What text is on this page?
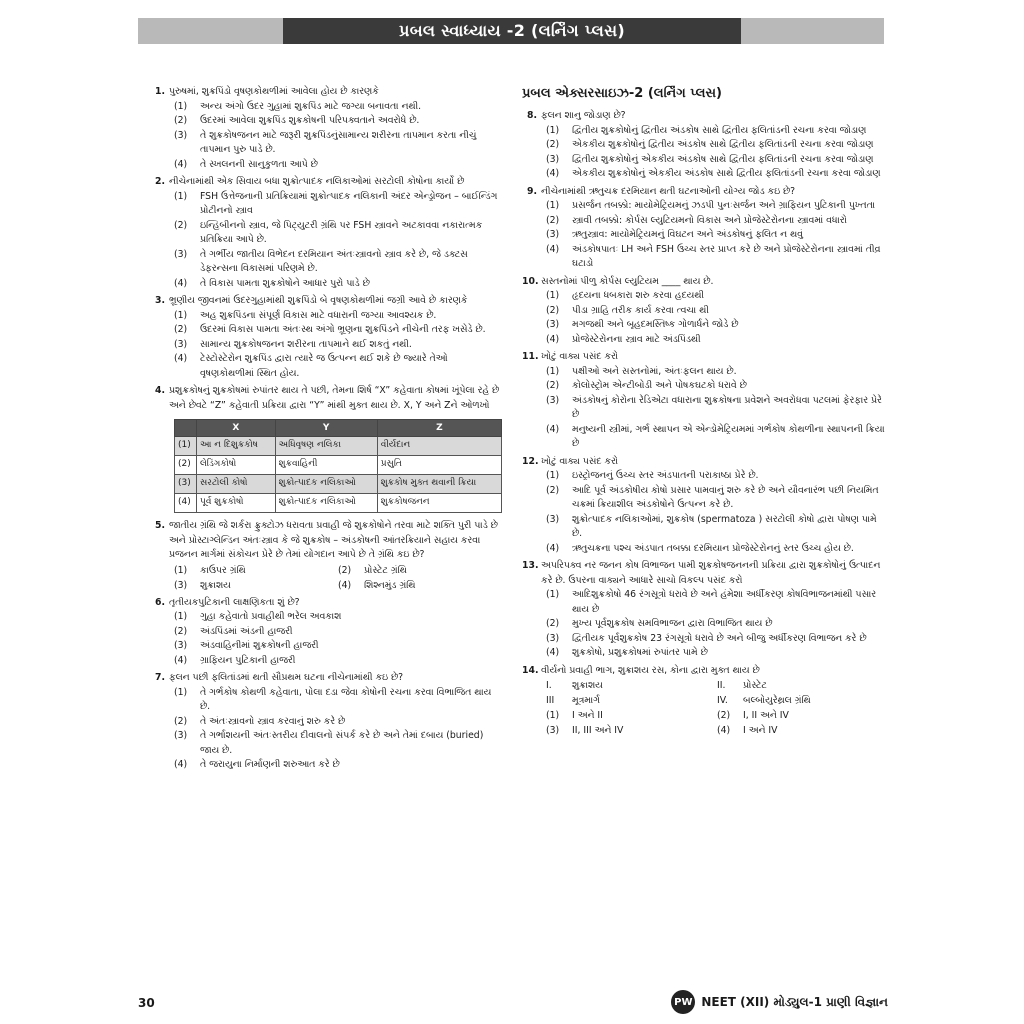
પ્રબલ સ્વાધ્યાય -2 (લર્નિંગ પ્લસ)
1. પુરુષમાં, શુક્રપિંડો વૃષણકોથળીમાં આવેલા હોય છે કારણકે
(1)	અન્ય અંગો ઉદર ગુહામાં શુક્રપિંડ માટે જગ્યા બનાવતા નથી.
(2)	ઉદરમાં આવેલા શુક્રપિંડ શુક્રકોષની પરિપક્વતાને અવરોધે છે.
(3)	તે શુક્રકોષજનન માટે જરૂરી શુક્રપિંડનુંસામાન્ય શરીરના તાપમાન કરતા નીચું તાપમાન પુરુ પાડે છે.
(4)	તે સ્ખલનની સાનુકુળતા આપે છે
2. નીચેનામાંથી એક સિવાય બધા શુક્રોત્પાદક નલિકાઓમાં સરટોલી કોષોના કાર્યો છે
(1)	FSH ઉત્તેજનાની પ્રતિક્રિયામાં શુક્રોત્પાદક નલિકાની અંદર એન્ડ્રોજન – બાઈન્ડિંગ પ્રોટીનનો સ્ત્રાવ
(2)	ઇન્હિબીનનો સ્ત્રાવ, જે પિટ્યુટરી ગ્રંથિ પર FSH સ્ત્રાવને અટકાવવા નકારાત્મક પ્રતિક્રિયા આપે છે.
(3)	તે ગર્ભીય જાતીય વિભેદન દરમિયાન અંતઃસ્ત્રાવનો સ્ત્રાવ કરે છે, જે ડક્ટસ ડેફરન્સના વિકાસમાં પરિણમે છે.
(4)	તે વિકાસ પામતા શુક્રકોષોને આધાર પુરો પાડે છે
3. ભ્રૂણીય જીવનમાં ઉદરગુહામાંથી શુક્રપિંડો બે વૃષણકોથળીમાં જગ્રી આવે છે કારણકે
(1)	અહ શુક્રપિંડના સંપૂર્ણ વિકાસ માટે વધારાની જગ્યા આવશ્યક છે.
(2)	ઉદરમાં વિકાસ પામતા અંતઃસ્થ અંગો ભ્રૂણના શુક્રપિંડને નીચેની તરફ ખસેડે છે.
(3)	સામાન્ય શુક્રકોષજનન શરીરના તાપમાને થઈ શકતું નથી.
(4)	ટેસ્ટોસ્ટેરોન શુક્રપિંડ દ્વારા ત્યારે જ ઉત્પન્ન થઈ શકે છે જ્યારે તેઓ વૃષણકોથળીમાં સ્થિત હોય.
4. પ્રશુક્રકોષનું શુક્રકોષમાં રુપાંતર થાય તે પછી, તેમના શિર્ષ “X” કહેવાતા કોષમાં ખૂંપેલા રહે છે અને છેવટે “Z” કહેવાતી પ્રક્રિયા દ્વારા “Y” માંથી મુક્ત થાય છે. X, Y અને Zને ઓળખો
	X	Y	Z
(1)	આ ન દિશુક્રકોષ	અધિવૃષણ નલિકા	વીર્યદાન
(2)	લેડિંગકોષો	શુક્રવાહિની	પ્રસુતિ
(3)	સરટોલી કોષો	શુક્રોત્પાદક નલિકાઓ	શુક્રકોષ મુક્ત થવાની ક્રિયા
(4)	પૂર્વ શુક્રકોષો	શુક્રોત્પાદક નલિકાઓ	શુક્રકોષજનન
5. જાતીય ગ્રંથિ જે શર્કરા ફ્રુક્ટોઝ ધરાવતા પ્રવાહી જે શુક્રકોષોને તરવા માટે શક્તિ પુરી પાડે છે અને પ્રોસ્ટાગ્લેન્ડિન અંતઃસ્ત્રાવ કે જે શુક્રકોષ – અંડકોષની આંતરક્રિયાને સહાય કરવા પ્રજનન માર્ગમાં સંકોચન પ્રેરે છે તેમાં યોગદાન આપે છે તે ગ્રંથિ કઇ છે?
(1)	કાઉપર ગ્રંથિ	(2)	પ્રોસ્ટેટ ગ્રંથિ
(3)	શુક્રાશય	(4)	શિશ્નમુંડ ગ્રંથિ
6. તૃતીયકપુટિકાની લાક્ષણિકતા શું છે?
(1)	ગુહા કહેવાતો પ્રવાહીથી ભરેલ અવકાશ
(2)	અંડપિંડમાં અંડની હાજરી
(3)	અંડવાહિનીમાં શુક્રકોષની હાજરી
(4)	ગ્રાફિયન પુટિકાની હાજરી
7. ફલન પછી ફલિતાંડમાં થતી સૌપ્રથમ ઘટના નીચેનામાંથી કઇ છે?
(1)	તે ગર્ભકોષ કોથળી કહેવાતા, પોલા દડા જેવા કોષોની રચના કરવા વિભાજિત થાય છે.
(2)	તે અંતઃસ્ત્રાવનો સ્ત્રાવ કરવાનું શરુ કરે છે
(3)	તે ગર્ભાશયની અંતઃસ્તરીય દીવાલનો સંપર્ક કરે છે અને તેમાં દબાય (buried) જાય છે.
(4)	તે જરાયુના નિર્માણની શરુઆત કરે છે
પ્રબલ એક્સરસાઇઝ-2 (લર્નિંગ પ્લસ)
8. ફલન શાનુ જોડાણ છે?
(1)	દ્વિતીય શુક્રકોષોનું દ્વિતીય અંડકોષ સાથે દ્વિતીય ફલિતાંડની રચના કરવા જોડાણ
(2)	એકકીય શુક્રકોષોનું દ્વિતીય અંડકોષ સાથે દ્વિતીય ફલિતાંડની રચના કરવા જોડાણ
(3)	દ્વિતીય શુક્રકોષોનું એકકીય અંડકોષ સાથે દ્વિતીય ફલિતાંડની રચના કરવા જોડાણ
(4)	એકકીય શુક્રકોષોનું એકકીય અંડકોષ સાથે દ્વિતીય ફલિતાંડની રચના કરવા જોડાણ
9. નીચેનામાંથી ઋતુચક્ર દરમિયાન થતી ઘટનાઓની યોગ્ય જોડ કઇ છે?
(1)	પ્રસર્જન તબક્કો: માયોમેટ્રિયમનું ઝડપી પુનઃસર્જન અને ગ્રાફિયન પુટિકાની પુખ્તતા
(2)	સ્ત્રાવી તબક્કો: કોર્પસ લ્યુટિયમનો વિકાસ અને પ્રોજેસ્ટેરોનના સ્ત્રાવમાં વધારો
(3)	ઋતુસ્ત્રાવ: માયોમેટ્રિયમનું વિઘટન અને અંડકોષનું ફલિત ન થવું
(4)	અંડકોષપાતઃ LH અને FSH ઉચ્ચ સ્તર પ્રાપ્ત કરે છે અને પ્રોજેસ્ટેરોનના સ્ત્રાવમાં તીવ્ર ઘટાડો
10. સસ્તનોમાં પીળુ કોર્પસ લ્યુટિયમ ____ થાય છે.
(1)	હૃદયના ધબકારા શરુ કરવા હદયથી
(2)	પીડા ગ્રાહિ તરીક કાર્ય કરવા ત્વચા થી
(3)	મગજથી અને બૃહદમસ્તિષ્ક ગોળાર્ધને જોડે છે
(4)	પ્રોજેસ્ટેરોનના સ્ત્રાવ માટે અંડપિંડથી
11. ખોટું વાક્ય પસંદ કરો
(1)	પક્ષીઓ અને સસ્તનોમાં, અંતઃફલન થાય છે.
(2)	કોલોસ્ટ્રોમ એન્ટીબોડી અને પોષકઘટકો ધરાવે છે
(3)	અંડકોષનું કોરોના રેડિએટા વધારાના શુક્રકોષના પ્રવેશને અવરોધવા પટલમાં ફેરફાર પ્રેરે છે
(4)	મનુષ્યની સ્ત્રીમાં, ગર્ભ સ્થાપન એ એન્ડોમેટ્રિયમમાં ગર્ભકોષ કોથળીના સ્થાપનની ક્રિયા છે
12. ખોટું વાક્ય પસંદ કરો
(1)	ઇસ્ટ્રોજનનું ઉચ્ચ સ્તર અંડપાતની પરાકાષ્ઠા પ્રેરે છે.
(2)	આદિ પૂર્વ અંડકોષીય કોષો પ્રસાર પામવાનું શરુ કરે છે અને યૌવનારંભ પછી નિયમિત ચક્રમાં ક્રિયાશીલ અંડકોષોને ઉત્પન્ન કરે છે.
(3)	શુક્રોત્પાદક નલિકાઓમાં, શુક્રકોષ (spermatoza ) સરટોલી કોષો દ્વારા પોષણ પામે છે.
(4)	ઋતુચક્રના પશ્ચ અંડપાત તબક્કા દરમિયાન પ્રોજેસ્ટેરોનનું સ્તર ઉચ્ચ હોય છે.
13. અપરિપક્વ નર જનન કોષ વિભાજન પામી શુક્રકોષજનનની પ્રક્રિયા દ્વારા શુક્રકોષોનું ઉત્પાદન કરે છે. ઉપરના વાક્યને આધારે સાચો વિકલ્પ પસંદ કરો
(1)	આદિશુક્રકોષો 46 રંગસૂત્રો ધરાવે છે અને હંમેશા અર્ધીકરણ કોષવિભાજનમાંથી પસાર થાય છે
(2)	મુખ્ય પૂર્વશુક્રકોષ સમવિભાજન દ્વારા વિભાજિત થાય છે
(3)	દ્વિતીયક પૂર્વશુક્રકોષ 23 રંગસૂત્રો ધરાવે છે અને બીજુ અર્ધીકરણ વિભાજન કરે છે
(4)	શુક્રકોષો, પ્રશુક્રકોષમાં રુપાંતર પામે છે
14. વીર્યનો પ્રવાહી ભાગ, શુક્રાશય રસ, કોના દ્વારા મુક્ત થાય છે
I.	શુક્રાશય	II.	પ્રોસ્ટેટ
III	મૂત્રમાર્ગ	IV.	બલ્બોયુરેથ્રલ ગ્રંથિ
(1)	I અને II	(2)	I, II અને IV
(3)	II, III અને IV	(4)	I અને IV
30	PW NEET (XII) મોડ્યુલ-1 પ્રાણી વિજ્ઞાન
